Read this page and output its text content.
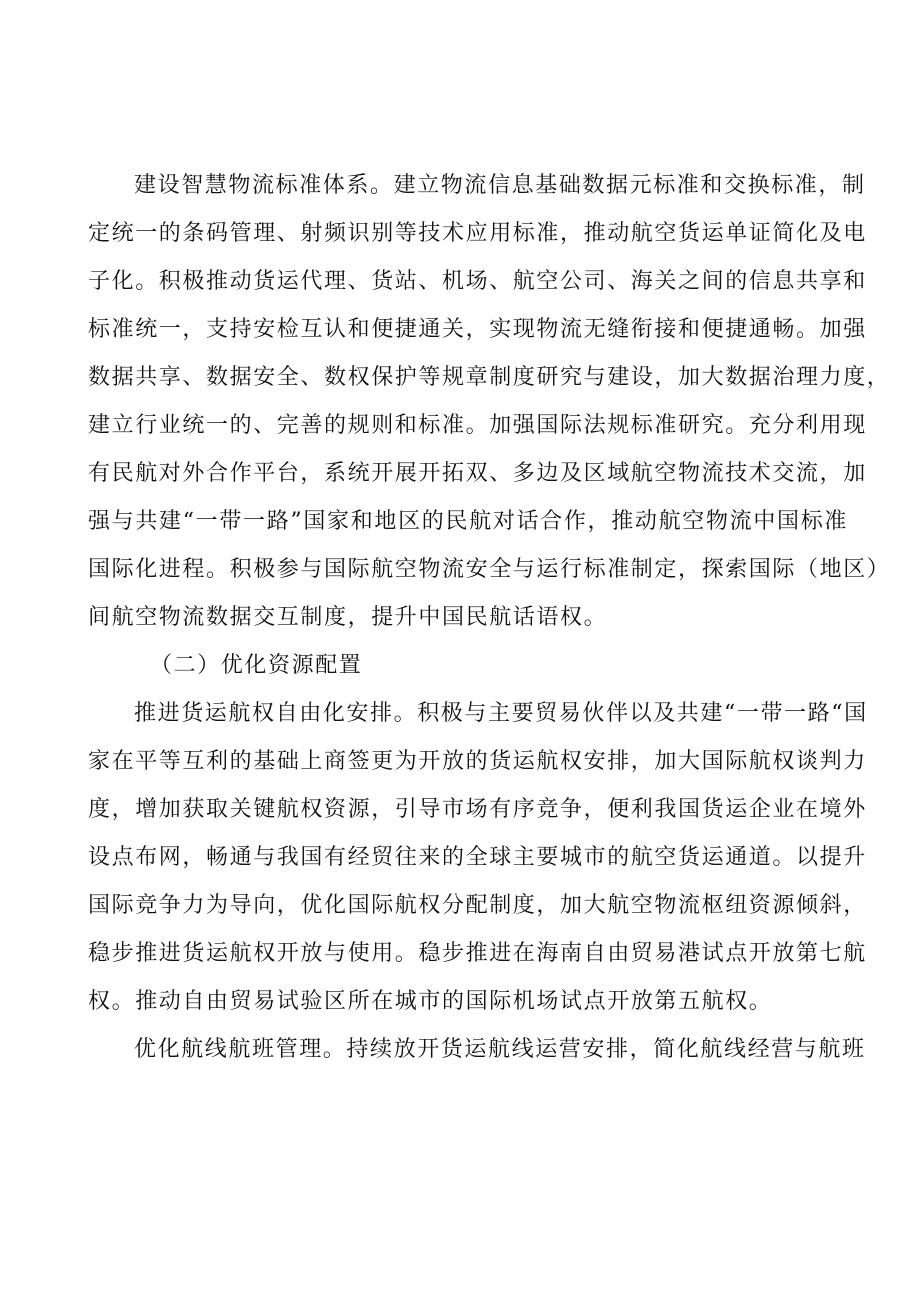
建设智慧物流标准体系。建立物流信息基础数据元标准和交换标准，制
定统一的条码管理、射频识别等技术应用标准，推动航空货运单证简化及电
子化。积极推动货运代理、货站、机场、航空公司、海关之间的信息共享和
标准统一，支持安检互认和便捷通关，实现物流无缝衔接和便捷通畅。加强
数据共享、数据安全、数权保护等规章制度研究与建设，加大数据治理力度，
建立行业统一的、完善的规则和标准。加强国际法规标准研究。充分利用现
有民航对外合作平台，系统开展开拓双、多边及区域航空物流技术交流，加
强与共建“一带一路”国家和地区的民航对话合作，推动航空物流中国标准
国际化进程。积极参与国际航空物流安全与运行标准制定，探索国际（地区）
间航空物流数据交互制度，提升中国民航话语权。
（二）优化资源配置
推进货运航权自由化安排。积极与主要贸易伙伴以及共建“一带一路“国
家在平等互利的基础上商签更为开放的货运航权安排，加大国际航权谈判力
度，增加获取关键航权资源，引导市场有序竞争，便利我国货运企业在境外
设点布网，畅通与我国有经贸往来的全球主要城市的航空货运通道。以提升
国际竞争力为导向，优化国际航权分配制度，加大航空物流枢纽资源倾斜，
稳步推进货运航权开放与使用。稳步推进在海南自由贸易港试点开放第七航
权。推动自由贸易试验区所在城市的国际机场试点开放第五航权。
优化航线航班管理。持续放开货运航线运营安排，简化航线经营与航班
